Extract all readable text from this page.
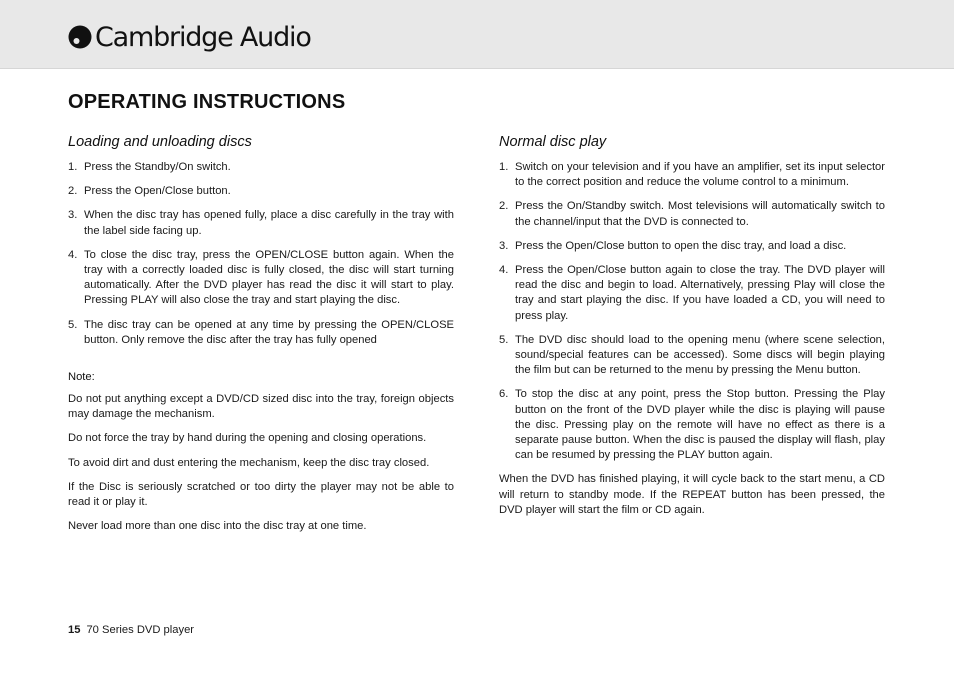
Cambridge Audio
OPERATING INSTRUCTIONS
Loading and unloading discs
1. Press the Standby/On switch.
2. Press the Open/Close button.
3. When the disc tray has opened fully, place a disc carefully in the tray with the label side facing up.
4. To close the disc tray, press the OPEN/CLOSE button again. When the tray with a correctly loaded disc is fully closed, the disc will start turning automatically. After the DVD player has read the disc it will start to play. Pressing PLAY will also close the tray and start playing the disc.
5. The disc tray can be opened at any time by pressing the OPEN/CLOSE button. Only remove the disc after the tray has fully opened
Note:

Do not put anything except a DVD/CD sized disc into the tray, foreign objects may damage the mechanism.

Do not force the tray by hand during the opening and closing operations.

To avoid dirt and dust entering the mechanism, keep the disc tray closed.

If the Disc is seriously scratched or too dirty the player may not be able to read it or play it.

Never load more than one disc into the disc tray at one time.

Normal disc play
1. Switch on your television and if you have an amplifier, set its input selector to the correct position and reduce the volume control to a minimum.
2. Press the On/Standby switch. Most televisions will automatically switch to the channel/input that the DVD is connected to.
3. Press the Open/Close button to open the disc tray, and load a disc.
4. Press the Open/Close button again to close the tray. The DVD player will read the disc and begin to load. Alternatively, pressing Play will close the tray and start playing the disc. If you have loaded a CD, you will need to press play.
5. The DVD disc should load to the opening menu (where scene selection, sound/special features can be accessed). Some discs will begin playing the film but can be returned to the menu by pressing the Menu button.
6. To stop the disc at any point, press the Stop button. Pressing the Play button on the front of the DVD player while the disc is playing will pause the disc. Pressing play on the remote will have no effect as there is a separate pause button. When the disc is paused the display will flash, play can be resumed by pressing the PLAY button again.

When the DVD has finished playing, it will cycle back to the start menu, a CD will return to standby mode. If the REPEAT button has been pressed, the DVD player will start the film or CD again.

15 70 Series DVD player
